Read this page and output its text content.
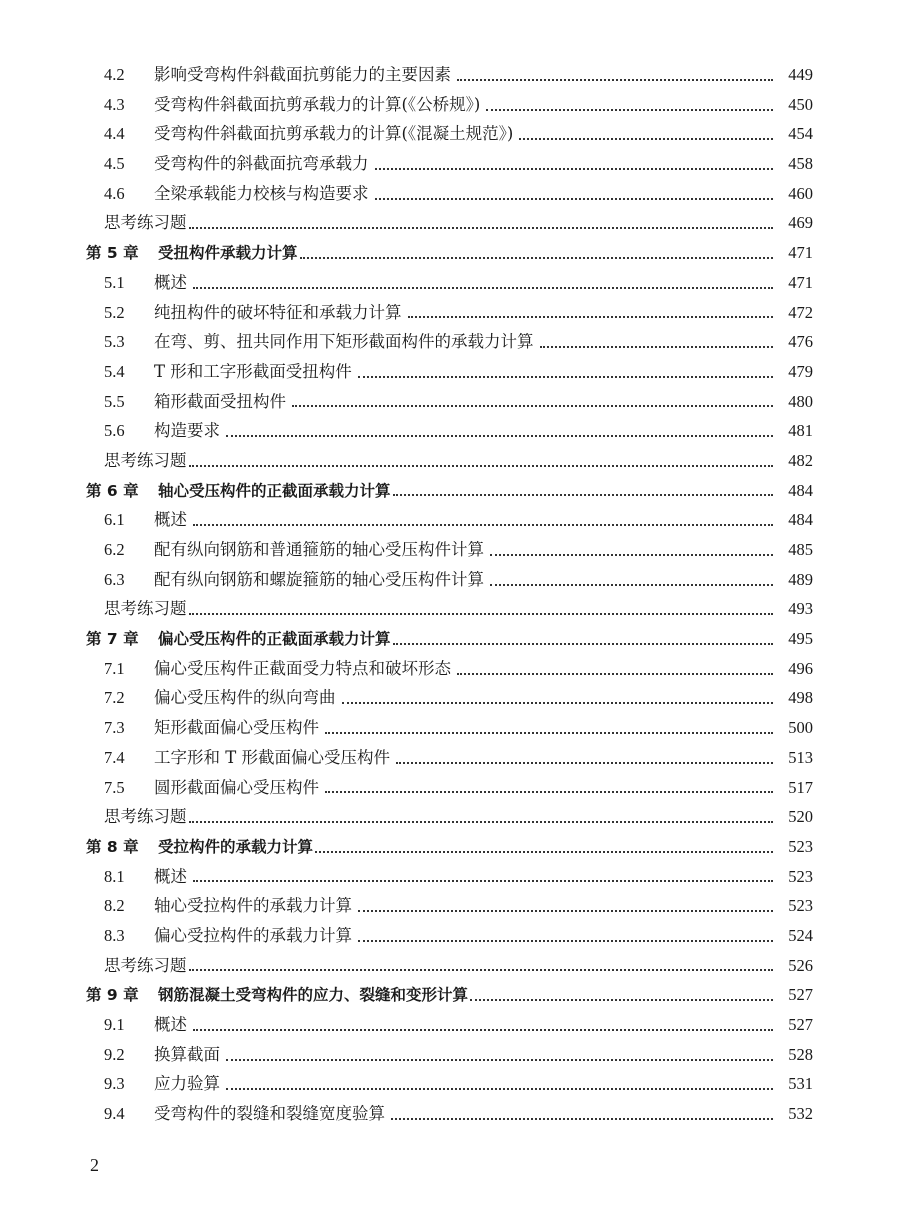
4.2	影响受弯构件斜截面抗剪能力的主要因素	449
4.3	受弯构件斜截面抗剪承载力的计算(《公桥规》)	450
4.4	受弯构件斜截面抗剪承载力的计算(《混凝土规范》)	454
4.5	受弯构件的斜截面抗弯承载力	458
4.6	全梁承载能力校核与构造要求	460
思考练习题	469
第 5 章	受扭构件承载力计算	471
5.1	概述	471
5.2	纯扭构件的破坏特征和承载力计算	472
5.3	在弯、剪、扭共同作用下矩形截面构件的承载力计算	476
5.4	T 形和工字形截面受扭构件	479
5.5	箱形截面受扭构件	480
5.6	构造要求	481
思考练习题	482
第 6 章	轴心受压构件的正截面承载力计算	484
6.1	概述	484
6.2	配有纵向钢筋和普通箍筋的轴心受压构件计算	485
6.3	配有纵向钢筋和螺旋箍筋的轴心受压构件计算	489
思考练习题	493
第 7 章	偏心受压构件的正截面承载力计算	495
7.1	偏心受压构件正截面受力特点和破坏形态	496
7.2	偏心受压构件的纵向弯曲	498
7.3	矩形截面偏心受压构件	500
7.4	工字形和 T 形截面偏心受压构件	513
7.5	圆形截面偏心受压构件	517
思考练习题	520
第 8 章	受拉构件的承载力计算	523
8.1	概述	523
8.2	轴心受拉构件的承载力计算	523
8.3	偏心受拉构件的承载力计算	524
思考练习题	526
第 9 章	钢筋混凝土受弯构件的应力、裂缝和变形计算	527
9.1	概述	527
9.2	换算截面	528
9.3	应力验算	531
9.4	受弯构件的裂缝和裂缝宽度验算	532
2
